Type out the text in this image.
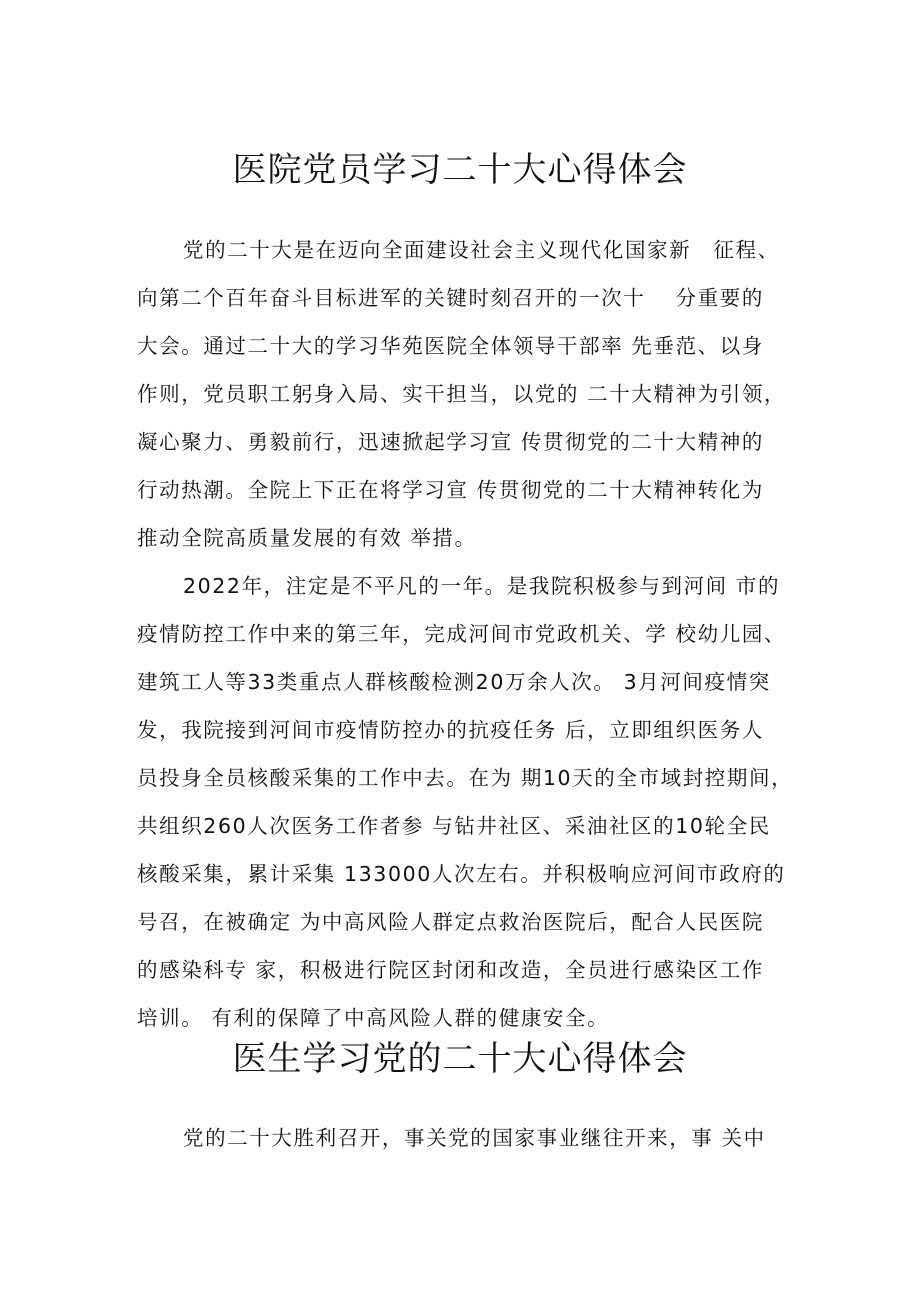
医院党员学习二十大心得体会
党的二十大是在迈向全面建设社会主义现代化国家新　征程、
向第二个百年奋斗目标进军的关键时刻召开的一次十　 分重要的
大会。通过二十大的学习华苑医院全体领导干部率 先垂范、以身
作则，党员职工躬身入局、实干担当，以党的 二十大精神为引领，
凝心聚力、勇毅前行，迅速掀起学习宣 传贯彻党的二十大精神的
行动热潮。全院上下正在将学习宣 传贯彻党的二十大精神转化为
推动全院高质量发展的有效 举措。
2022年，注定是不平凡的一年。是我院积极参与到河间 市的
疫情防控工作中来的第三年，完成河间市党政机关、学 校幼儿园、
建筑工人等33类重点人群核酸检测20万余人次。 3月河间疫情突
发，我院接到河间市疫情防控办的抗疫任务 后，立即组织医务人
员投身全员核酸采集的工作中去。在为 期10天的全市域封控期间，
共组织260人次医务工作者参 与钻井社区、采油社区的10轮全民
核酸采集，累计采集 133000人次左右。并积极响应河间市政府的
号召，在被确定 为中高风险人群定点救治医院后，配合人民医院
的感染科专 家，积极进行院区封闭和改造，全员进行感染区工作
培训。 有利的保障了中高风险人群的健康安全。
医生学习党的二十大心得体会
党的二十大胜利召开，事关党的国家事业继往开来，事 关中
